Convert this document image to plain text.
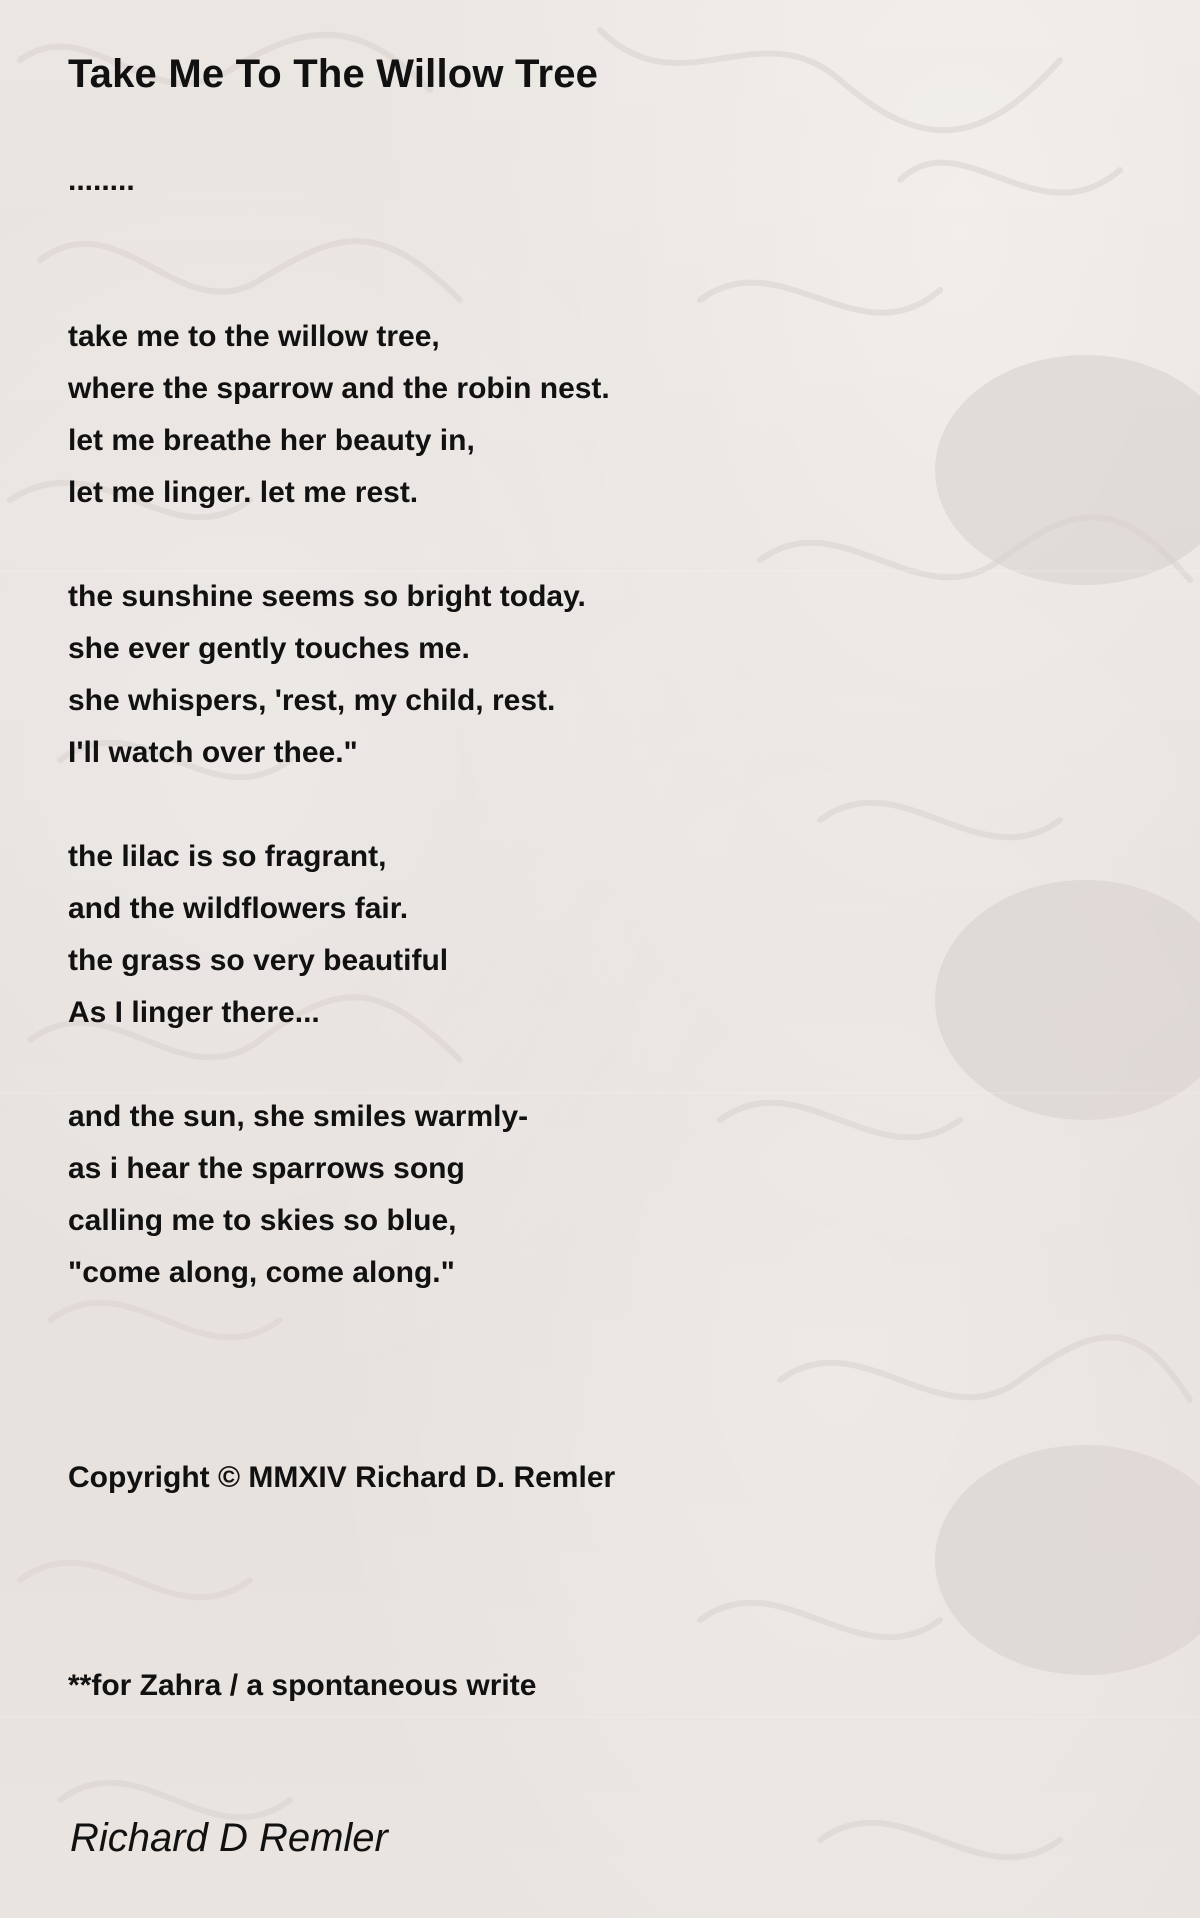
Take Me To The Willow Tree
........
take me to the willow tree,
where the sparrow and the robin nest.
let me breathe her beauty in,
let me linger. let me rest.
the sunshine seems so bright today.
she ever gently touches me.
she whispers, 'rest, my child, rest.
I'll watch over thee."
the lilac is so fragrant,
and the wildflowers fair.
the grass so very beautiful
As I linger there...
and the sun, she smiles warmly-
as i hear the sparrows song
calling me to skies so blue,
"come along, come along."
Copyright © MMXIV Richard D. Remler
**for Zahra / a spontaneous write
Richard D Remler
